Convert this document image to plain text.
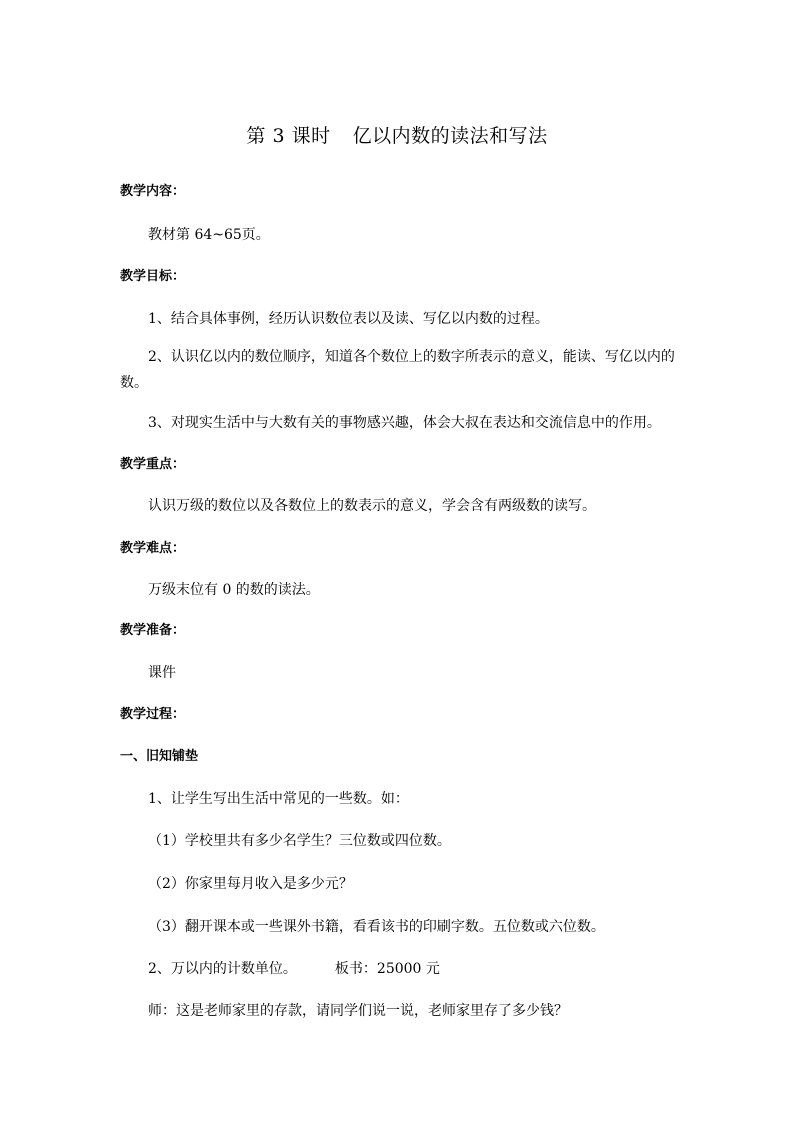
第 3 课时 亿以内数的读法和写法
教学内容：
教材第 64~65页。
教学目标：
1、结合具体事例，经历认识数位表以及读、写亿以内数的过程。
2、认识亿以内的数位顺序，知道各个数位上的数字所表示的意义，能读、写亿以内的数。
3、对现实生活中与大数有关的事物感兴趣，体会大叔在表达和交流信息中的作用。
教学重点：
认识万级的数位以及各数位上的数表示的意义，学会含有两级数的读写。
教学难点：
万级末位有 0 的数的读法。
教学准备：
课件
教学过程：
一、旧知铺垫
1、让学生写出生活中常见的一些数。如：
（1）学校里共有多少名学生？三位数或四位数。
（2）你家里每月收入是多少元？
（3）翻开课本或一些课外书籍，看看该书的印刷字数。五位数或六位数。
2、万以内的计数单位。	板书：25000 元
师：这是老师家里的存款，请同学们说一说，老师家里存了多少钱？
